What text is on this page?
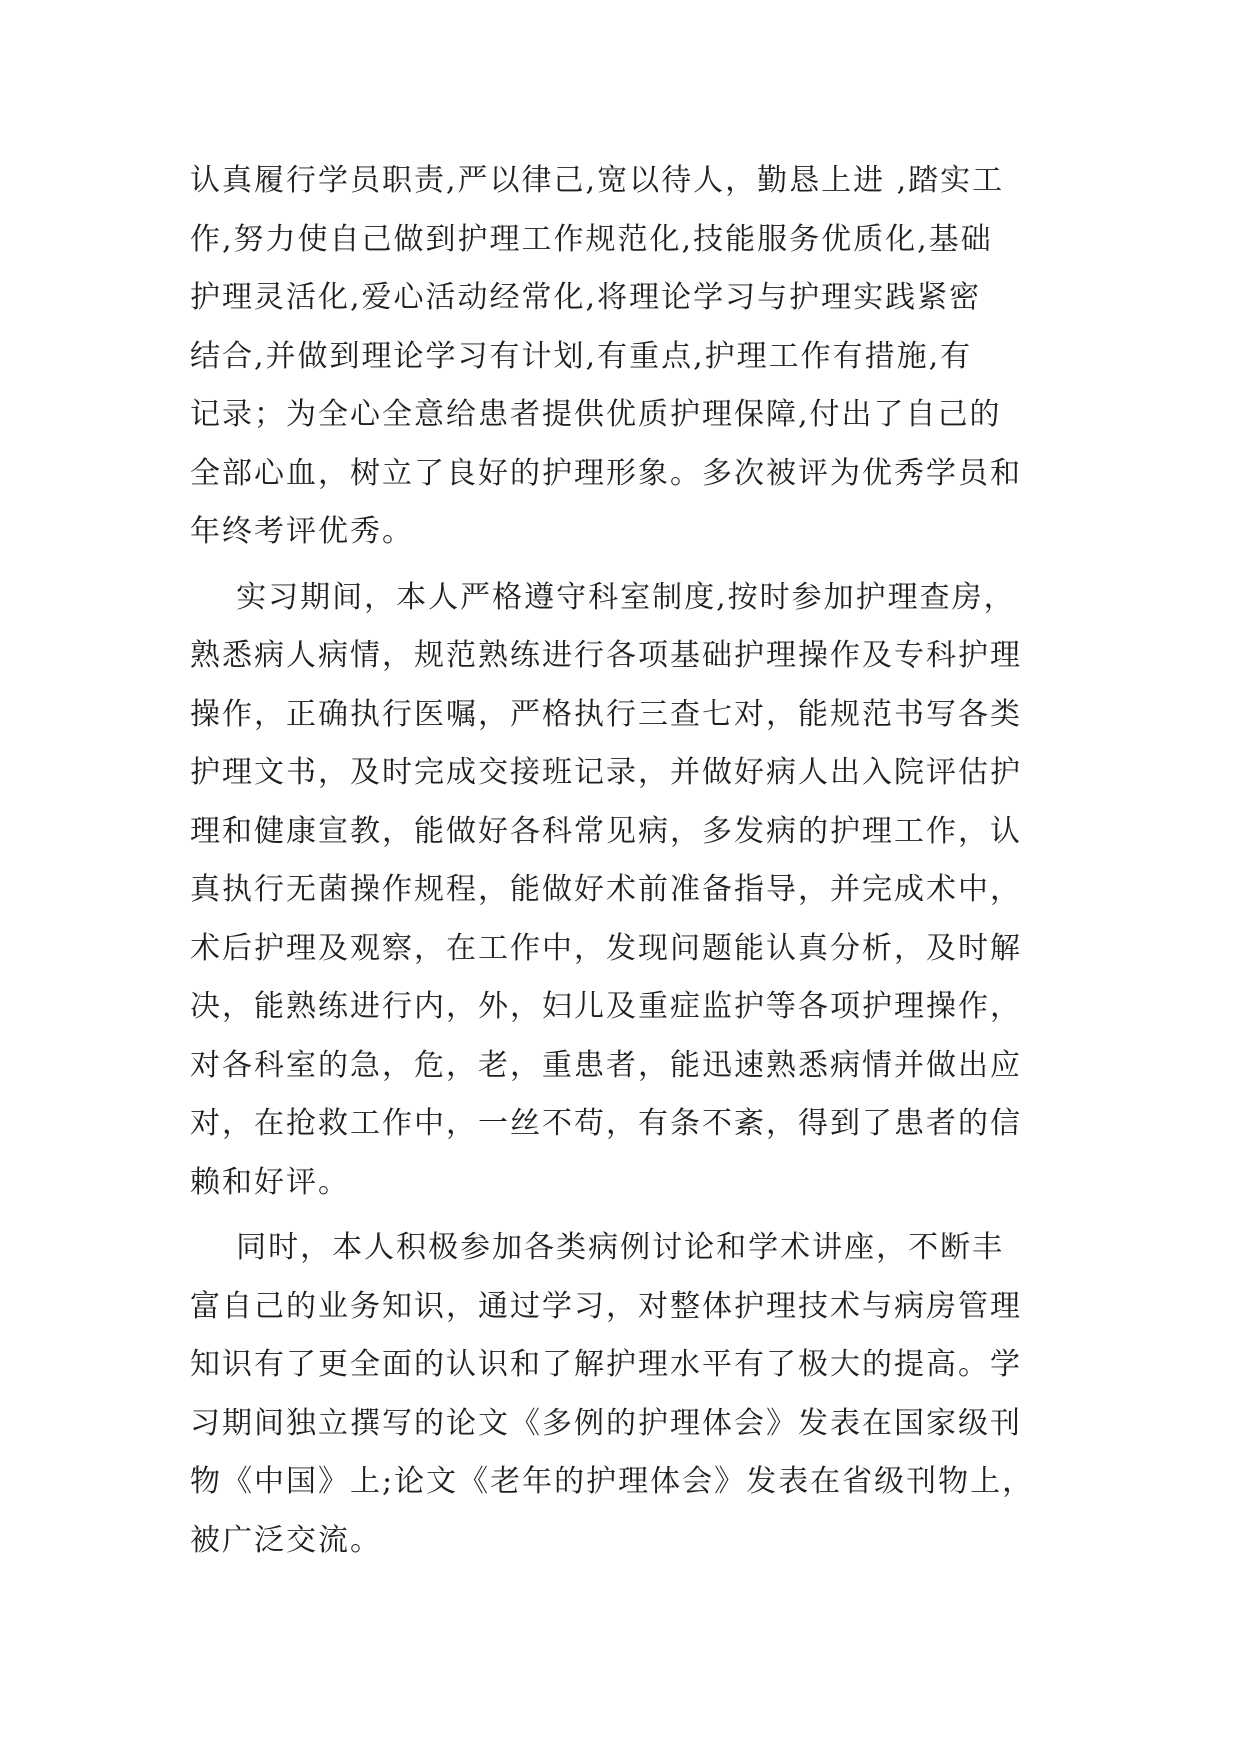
认真履行学员职责,严以律己,宽以待人，勤恳上进 ,踏实工
作,努力使自己做到护理工作规范化,技能服务优质化,基础
护理灵活化,爱心活动经常化,将理论学习与护理实践紧密
结合,并做到理论学习有计划,有重点,护理工作有措施,有
记录；为全心全意给患者提供优质护理保障,付出了自己的
全部心血，树立了良好的护理形象。多次被评为优秀学员和
年终考评优秀。
实习期间，本人严格遵守科室制度,按时参加护理查房，
熟悉病人病情，规范熟练进行各项基础护理操作及专科护理
操作，正确执行医嘱，严格执行三查七对，能规范书写各类
护理文书，及时完成交接班记录，并做好病人出入院评估护
理和健康宣教，能做好各科常见病，多发病的护理工作，认
真执行无菌操作规程，能做好术前准备指导，并完成术中，
术后护理及观察，在工作中，发现问题能认真分析，及时解
决，能熟练进行内，外，妇儿及重症监护等各项护理操作，
对各科室的急，危，老，重患者，能迅速熟悉病情并做出应
对，在抢救工作中，一丝不苟，有条不紊，得到了患者的信
赖和好评。
同时，本人积极参加各类病例讨论和学术讲座，不断丰
富自己的业务知识，通过学习，对整体护理技术与病房管理
知识有了更全面的认识和了解护理水平有了极大的提高。学
习期间独立撰写的论文《多例的护理体会》发表在国家级刊
物《中国》上;论文《老年的护理体会》发表在省级刊物上，
被广泛交流。
